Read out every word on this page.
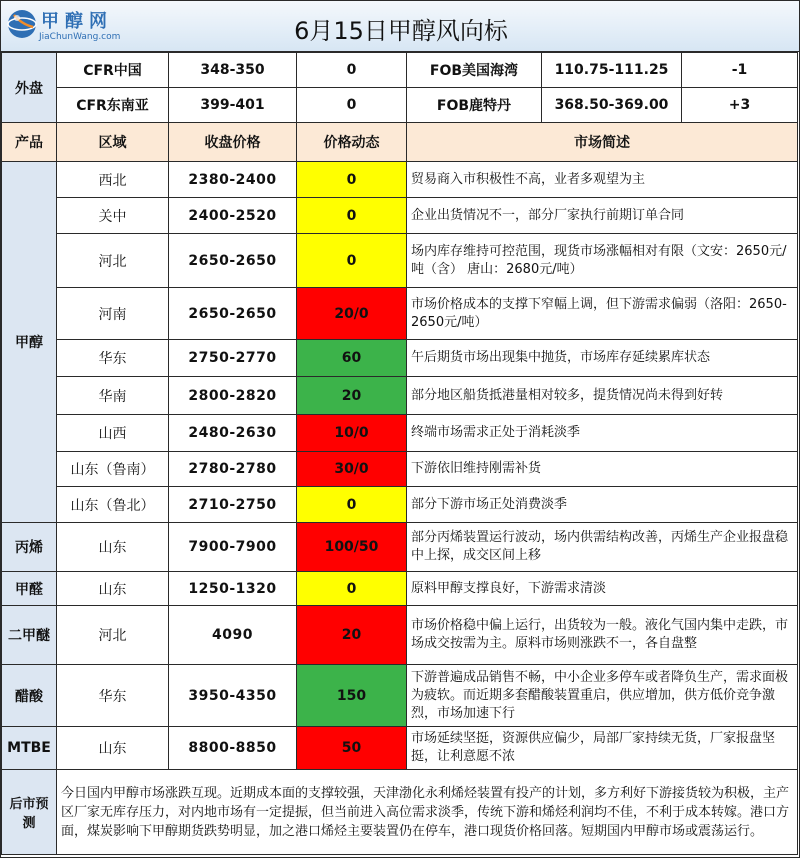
甲醇网
JiaChunWang.com	6月15日甲醇风向标
外盘	CFR中国	348-350	0	FOB美国海湾	110.75-111.25	-1
	CFR东南亚	399-401	0	FOB鹿特丹	368.50-369.00	+3
产品	区域	收盘价格	价格动态	市场简述		
甲醇	西北	2380-2400	0	贸易商入市积极性不高，业者多观望为主		
	关中	2400-2520	0	企业出货情况不一，部分厂家执行前期订单合同		
	河北	2650-2650	0	场内库存维持可控范围，现货市场涨幅相对有限（文安：2650元/吨（含） 唐山：2680元/吨）		
	河南	2650-2650	20/0	市场价格成本的支撑下窄幅上调，但下游需求偏弱（洛阳：2650-2650元/吨）		
	华东	2750-2770	60	午后期货市场出现集中抛货，市场库存延续累库状态		
	华南	2800-2820	20	部分地区船货抵港量相对较多，提货情况尚未得到好转		
	山西	2480-2630	10/0	终端市场需求正处于消耗淡季		
	山东（鲁南）	2780-2780	30/0	下游依旧维持刚需补货		
	山东（鲁北）	2710-2750	0	部分下游市场正处消费淡季		
丙烯	山东	7900-7900	100/50	部分丙烯装置运行波动，场内供需结构改善，丙烯生产企业报盘稳中上探，成交区间上移		
甲醛	山东	1250-1320	0	原料甲醇支撑良好，下游需求清淡		
二甲醚	河北	4090	20	市场价格稳中偏上运行，出货较为一般。液化气国内集中走跌，市场成交按需为主。原料市场则涨跌不一，各自盘整		
醋酸	华东	3950-4350	150	下游普遍成品销售不畅，中小企业多停车或者降负生产，需求面极为疲软。而近期多套醋酸装置重启，供应增加，供方低价竞争激烈，市场加速下行		
MTBE	山东	8800-8850	50	市场延续坚挺，资源供应偏少，局部厂家持续无货，厂家报盘坚挺，让利意愿不浓		
后市预测	今日国内甲醇市场涨跌互现。近期成本面的支撑较强，天津渤化永利烯烃装置有投产的计划，多方利好下游接货较为积极，主产区厂家无库存压力，对内地市场有一定提振，但当前进入高位需求淡季，传统下游和烯烃利润均不佳，不利于成本转嫁。港口方面，煤炭影响下甲醇期货跌势明显，加之港口烯烃主要装置仍在停车，港口现货价格回落。短期国内甲醇市场或震荡运行。					
